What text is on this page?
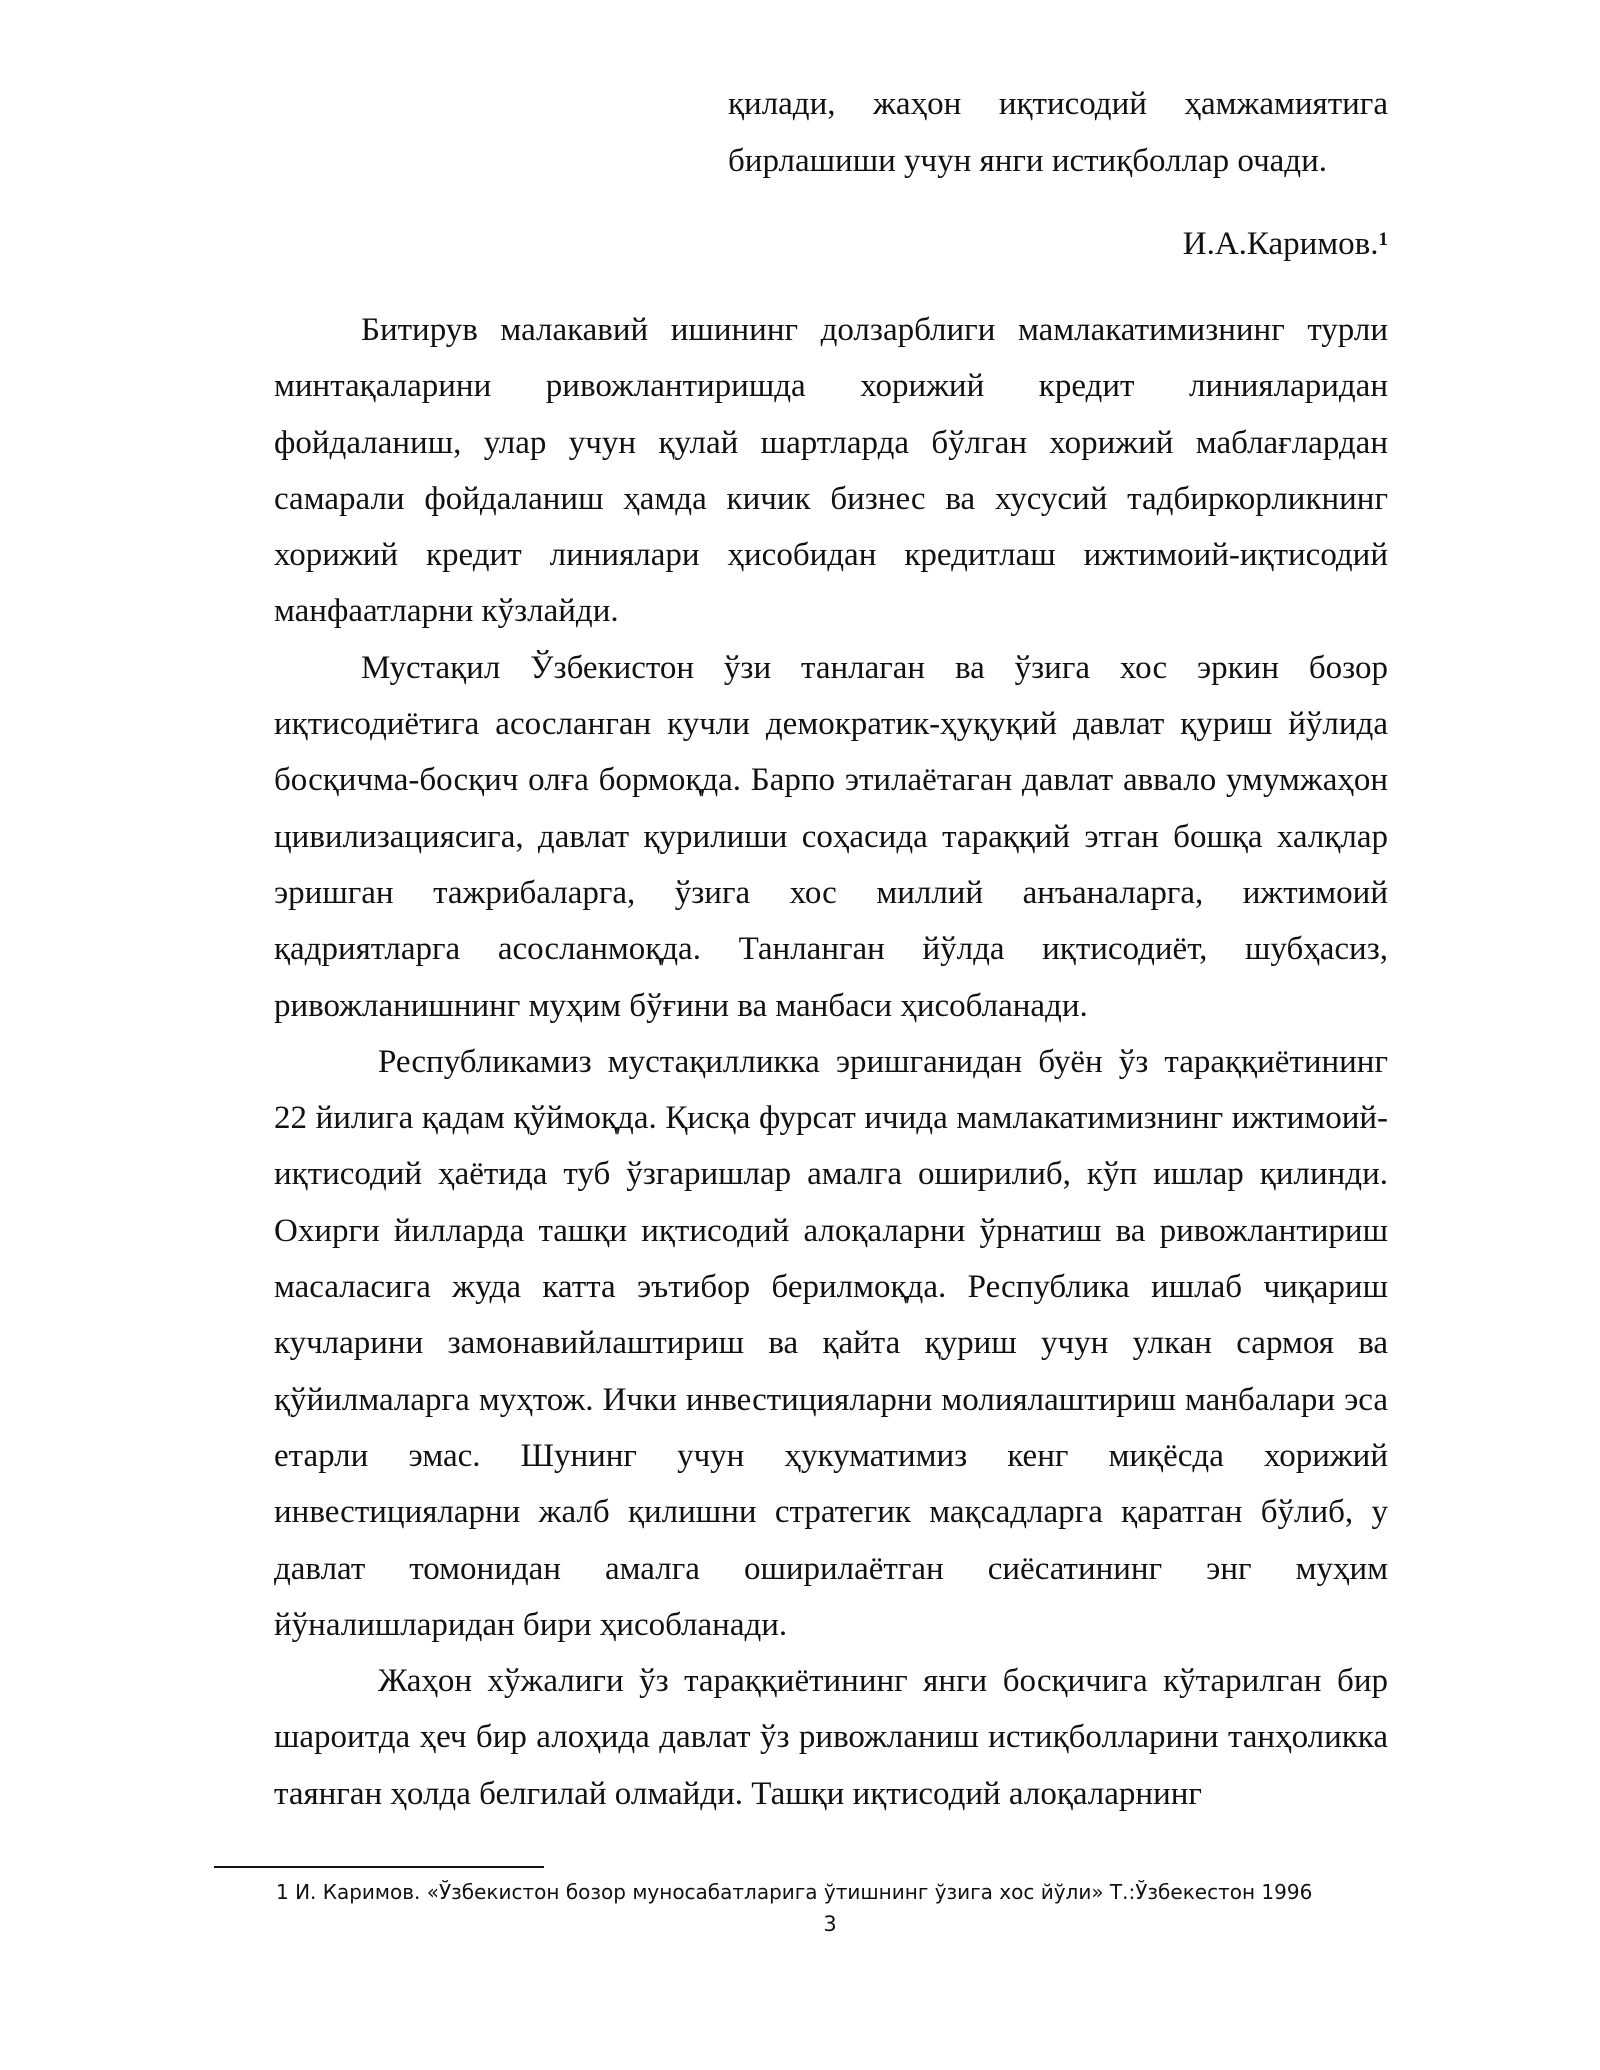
қилади, жаҳон иқтисодий ҳамжамиятига
бирлашиши учун янги истиқболлар очади.
И.А.Каримов.$^1$

Битирув малакавий ишининг долзарблиги мамлакатимизнинг турли минтақаларини ривожлантиришда хорижий кредит линияларидан фойдаланиш, улар учун қулай шартларда бўлган хорижий маблағлардан самарали фойдаланиш ҳамда кичик бизнес ва хусусий тадбиркорликнинг хорижий кредит линиялари ҳисобидан кредитлаш ижтимоий-иқтисодий манфаатларни кўзлайди.

Мустақил Ўзбекистон ўзи танлаган ва ўзига хос эркин бозор иқтисодиётига асосланган кучли демократик-ҳуқуқий давлат қуриш йўлида босқичма-босқич олға бормоқда. Барпо этилаётаган давлат аввало умумжаҳон цивилизациясига, давлат қурилиши соҳасида тараққий этган бошқа халқлар эришган тажрибаларга, ўзига хос миллий анъаналарга, ижтимоий қадриятларга асосланмоқда. Танланган йўлда иқтисодиёт, шубҳасиз, ривожланишнинг муҳим бўғини ва манбаси ҳисобланади.

Республикамиз мустақилликка эришганидан буён ўз тараққиётининг 22 йилига қадам қўймоқда. Қисқа фурсат ичида мамлакатимизнинг ижтимоий-иқтисодий ҳаётида туб ўзгаришлар амалга оширилиб, кўп ишлар қилинди. Охирги йилларда ташқи иқтисодий алоқаларни ўрнатиш ва ривожлантириш масаласига жуда катта эътибор берилмоқда. Республика ишлаб чиқариш кучларини замонавийлаштириш ва қайта қуриш учун улкан сармоя ва қўйилмаларга муҳтож. Ички инвестицияларни молиялаштириш манбалари эса етарли эмас. Шунинг учун ҳукуматимиз кенг миқёсда хорижий инвестицияларни жалб қилишни стратегик мақсадларга қаратган бўлиб, у давлат томонидан амалга оширилаётган сиёсатининг энг муҳим йўналишларидан бири ҳисобланади.

Жаҳон хўжалиги ўз тараққиётининг янги босқичига кўтарилган бир шароитда ҳеч бир алоҳида давлат ўз ривожланиш истиқболларини танҳоликка таянган ҳолда белгилай олмайди. Ташқи иқтисодий алоқаларнинг

1 И. Каримов. «Ўзбекистон бозор муносабатларига ўтишнинг ўзига хос йўли» Т.:Ўзбекестон 1996
3
